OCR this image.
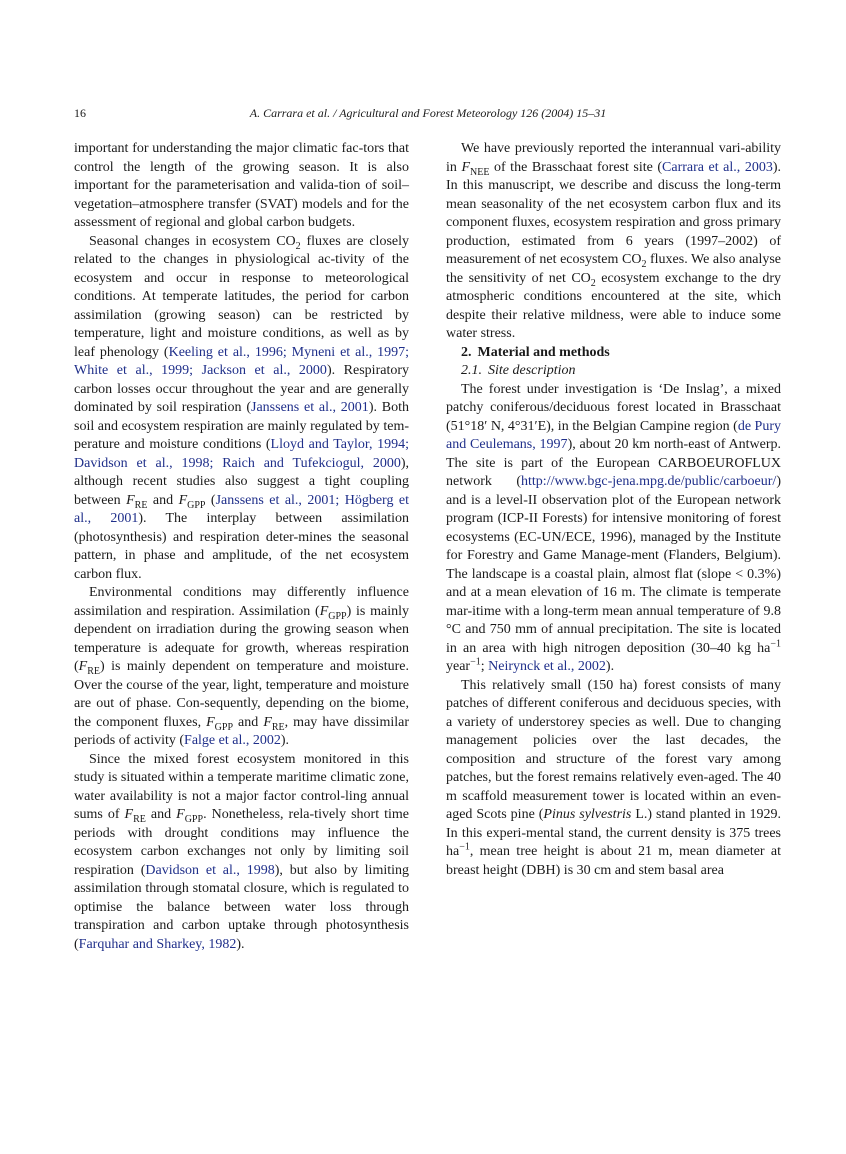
16	A. Carrara et al. / Agricultural and Forest Meteorology 126 (2004) 15–31

important for understanding the major climatic fac-tors that control the length of the growing season. It is also important for the parameterisation and valida-tion of soil–vegetation–atmosphere transfer (SVAT) models and for the assessment of regional and global carbon budgets.

Seasonal changes in ecosystem $CO_2$ fluxes are closely related to the changes in physiological ac-tivity of the ecosystem and occur in response to meteorological conditions. At temperate latitudes, the period for carbon assimilation (growing season) can be restricted by temperature, light and moisture conditions, as well as by leaf phenology (Keeling et al., 1996; Myneni et al., 1997; White et al., 1999; Jackson et al., 2000). Respiratory carbon losses occur throughout the year and are generally dominated by soil respiration (Janssens et al., 2001). Both soil and ecosystem respiration are mainly regulated by tem-perature and moisture conditions (Lloyd and Taylor, 1994; Davidson et al., 1998; Raich and Tufekciogul, 2000), although recent studies also suggest a tight coupling between $F_{RE}$ and $F_{GPP}$ (Janssens et al., 2001; Högberg et al., 2001). The interplay between assimilation (photosynthesis) and respiration deter-mines the seasonal pattern, in phase and amplitude, of the net ecosystem carbon flux.

Environmental conditions may differently influence assimilation and respiration. Assimilation $(F_{GPP})$ is mainly dependent on irradiation during the growing season when temperature is adequate for growth, whereas respiration $(F_{RE})$ is mainly dependent on temperature and moisture. Over the course of the year, light, temperature and moisture are out of phase. Con-sequently, depending on the biome, the component fluxes, $F_{GPP}$ and $F_{RE}$, may have dissimilar periods of activity (Falge et al., 2002).

Since the mixed forest ecosystem monitored in this study is situated within a temperate maritime climatic zone, water availability is not a major factor control-ling annual sums of $F_{RE}$ and $F_{GPP}$. Nonetheless, rela-tively short time periods with drought conditions may influence the ecosystem carbon exchanges not only by limiting soil respiration (Davidson et al., 1998), but also by limiting assimilation through stomatal closure, which is regulated to optimise the balance between water loss through transpiration and carbon uptake through photosynthesis (Farquhar and Sharkey, 1982).

We have previously reported the interannual vari-ability in $F_{NEE}$ of the Brasschaat forest site (Carrara et al., 2003). In this manuscript, we describe and discuss the long-term mean seasonality of the net ecosystem carbon flux and its component fluxes, ecosystem respiration and gross primary production, estimated from 6 years (1997–2002) of measurement of net ecosystem $CO_2$ fluxes. We also analyse the sensitivity of net $CO_2$ ecosystem exchange to the dry atmospheric conditions encountered at the site, which despite their relative mildness, were able to induce some water stress.

2. Material and methods

2.1. Site description

The forest under investigation is ‘De Inslag’, a mixed patchy coniferous/deciduous forest located in Brasschaat (51°18′ N, 4°31′E), in the Belgian Campine region (de Pury and Ceulemans, 1997), about 20 km north-east of Antwerp. The site is part of the European CARBOEUROFLUX network (http://www.bgc-jena.mpg.de/public/carboeur/) and is a level-II observation plot of the European network program (ICP-II Forests) for intensive monitoring of forest ecosystems (EC-UN/ECE, 1996), managed by the Institute for Forestry and Game Manage-ment (Flanders, Belgium). The landscape is a coastal plain, almost flat (slope < 0.3%) and at a mean elevation of 16 m. The climate is temperate mar-itime with a long-term mean annual temperature of 9.8 °C and 750 mm of annual precipitation. The site is located in an area with high nitrogen deposition (30–40 kg $ha^{-1}$ year$^{-1}$; Neirynck et al., 2002).

This relatively small (150 ha) forest consists of many patches of different coniferous and deciduous species, with a variety of understorey species as well. Due to changing management policies over the last decades, the composition and structure of the forest vary among patches, but the forest remains relatively even-aged. The 40 m scaffold measurement tower is located within an even-aged Scots pine (Pinus sylvestris L.) stand planted in 1929. In this experi-mental stand, the current density is 375 trees $ha^{-1}$, mean tree height is about 21 m, mean diameter at breast height (DBH) is 30 cm and stem basal area
